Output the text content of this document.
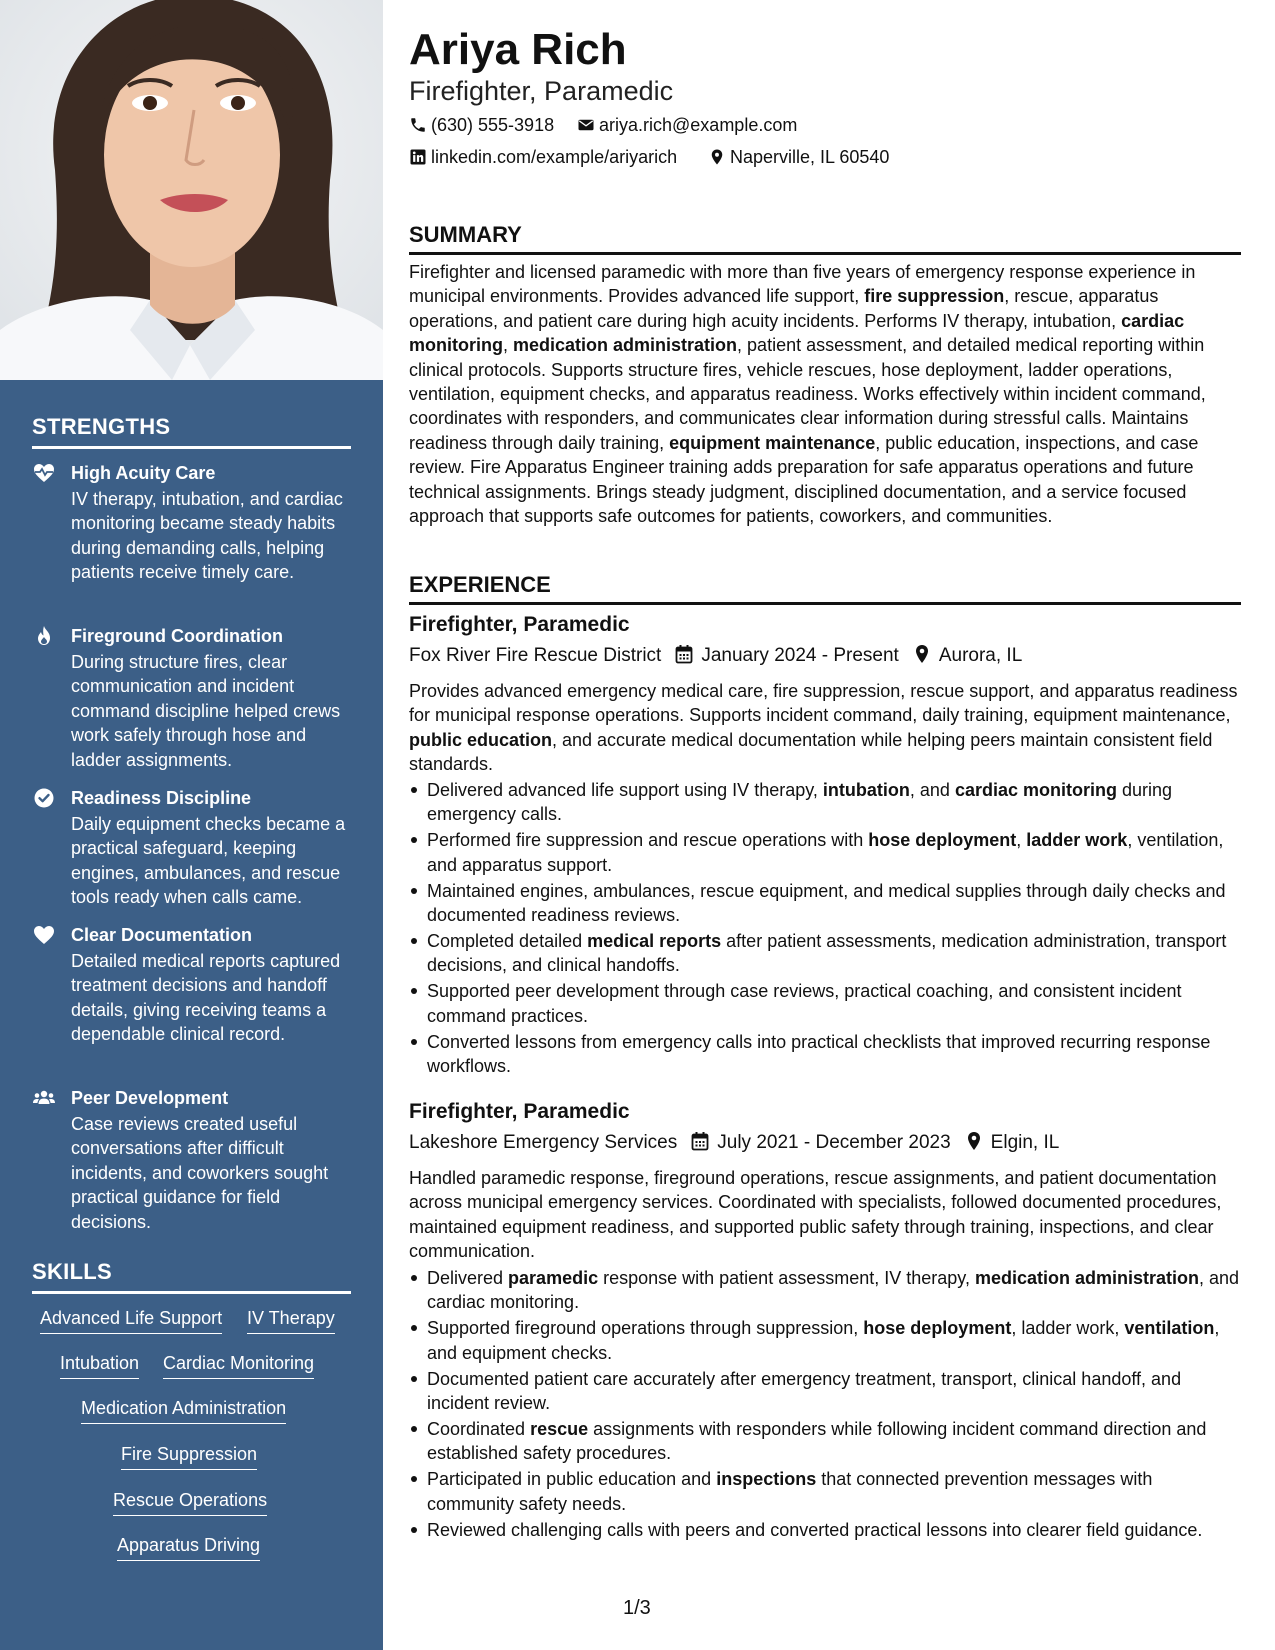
STRENGTHS
High Acuity Care
IV therapy, intubation, and cardiac monitoring became steady habits during demanding calls, helping patients receive timely care.
Fireground Coordination
During structure fires, clear communication and incident command discipline helped crews work safely through hose and ladder assignments.
Readiness Discipline
Daily equipment checks became a practical safeguard, keeping engines, ambulances, and rescue tools ready when calls came.
Clear Documentation
Detailed medical reports captured treatment decisions and handoff details, giving receiving teams a dependable clinical record.
Peer Development
Case reviews created useful conversations after difficult incidents, and coworkers sought practical guidance for field decisions.
SKILLS
Advanced Life Support IV Therapy
Intubation Cardiac Monitoring
Medication Administration
Fire Suppression
Rescue Operations
Apparatus Driving
Ariya Rich
Firefighter, Paramedic
(630) 555-3918	ariya.rich@example.com
linkedin.com/example/ariyarich	Naperville, IL 60540
SUMMARY
Firefighter and licensed paramedic with more than five years of emergency response experience in municipal environments. Provides advanced life support, fire suppression, rescue, apparatus operations, and patient care during high acuity incidents. Performs IV therapy, intubation, cardiac monitoring, medication administration, patient assessment, and detailed medical reporting within clinical protocols. Supports structure fires, vehicle rescues, hose deployment, ladder operations, ventilation, equipment checks, and apparatus readiness. Works effectively within incident command, coordinates with responders, and communicates clear information during stressful calls. Maintains readiness through daily training, equipment maintenance, public education, inspections, and case review. Fire Apparatus Engineer training adds preparation for safe apparatus operations and future technical assignments. Brings steady judgment, disciplined documentation, and a service focused approach that supports safe outcomes for patients, coworkers, and communities.
EXPERIENCE
Firefighter, Paramedic
Fox River Fire Rescue District January 2024 - Present Aurora, IL
Provides advanced emergency medical care, fire suppression, rescue support, and apparatus readiness for municipal response operations. Supports incident command, daily training, equipment maintenance, public education, and accurate medical documentation while helping peers maintain consistent field standards.
Delivered advanced life support using IV therapy, intubation, and cardiac monitoring during emergency calls.
Performed fire suppression and rescue operations with hose deployment, ladder work, ventilation, and apparatus support.
Maintained engines, ambulances, rescue equipment, and medical supplies through daily checks and documented readiness reviews.
Completed detailed medical reports after patient assessments, medication administration, transport decisions, and clinical handoffs.
Supported peer development through case reviews, practical coaching, and consistent incident command practices.
Converted lessons from emergency calls into practical checklists that improved recurring response workflows.
Firefighter, Paramedic
Lakeshore Emergency Services July 2021 - December 2023 Elgin, IL
Handled paramedic response, fireground operations, rescue assignments, and patient documentation across municipal emergency services. Coordinated with specialists, followed documented procedures, maintained equipment readiness, and supported public safety through training, inspections, and clear communication.
Delivered paramedic response with patient assessment, IV therapy, medication administration, and cardiac monitoring.
Supported fireground operations through suppression, hose deployment, ladder work, ventilation, and equipment checks.
Documented patient care accurately after emergency treatment, transport, clinical handoff, and incident review.
Coordinated rescue assignments with responders while following incident command direction and established safety procedures.
Participated in public education and inspections that connected prevention messages with community safety needs.
Reviewed challenging calls with peers and converted practical lessons into clearer field guidance.
1/3
